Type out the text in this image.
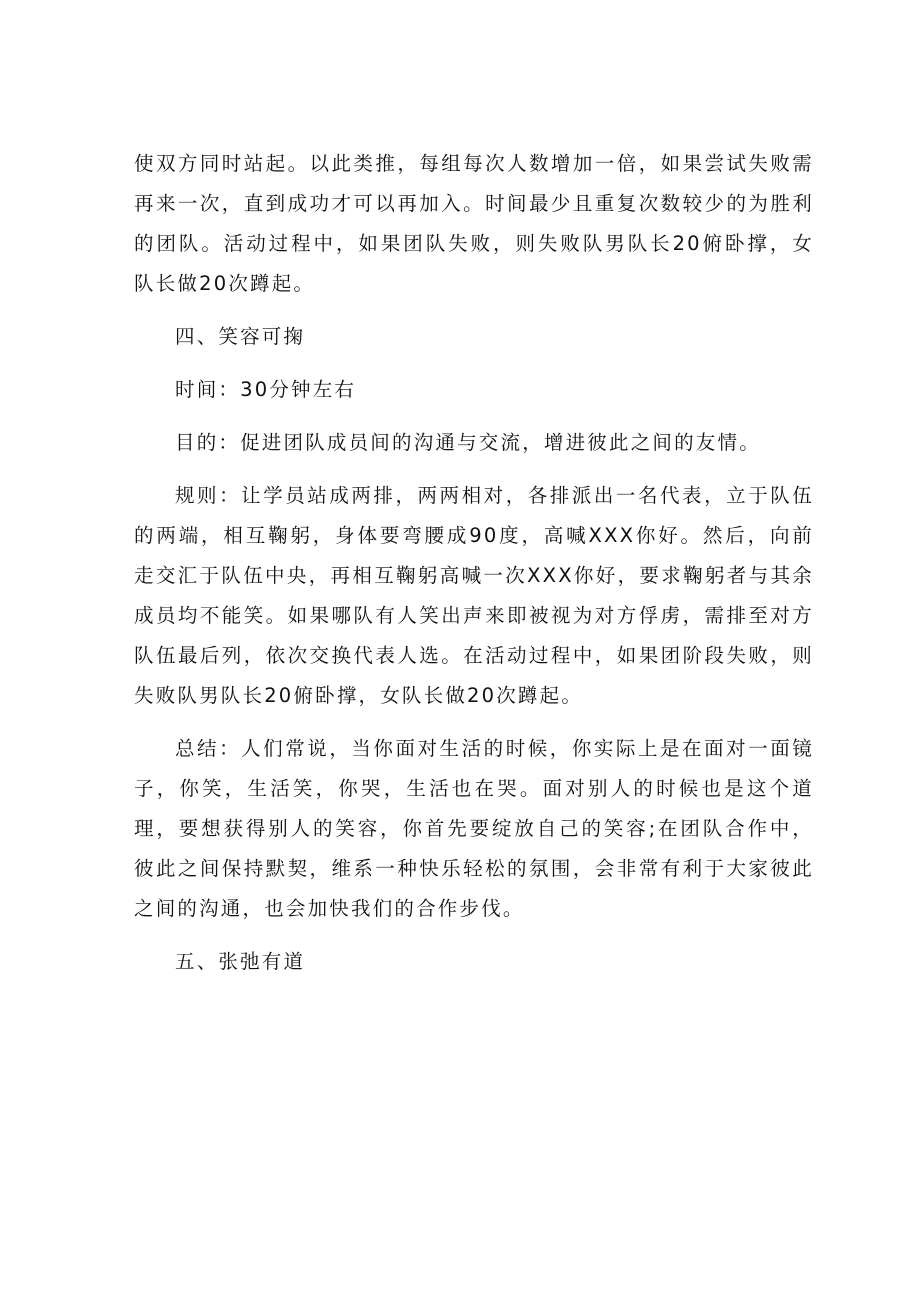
使双方同时站起。以此类推，每组每次人数增加一倍，如果尝试失败需再来一次，直到成功才可以再加入。时间最少且重复次数较少的为胜利的团队。活动过程中，如果团队失败，则失败队男队长20俯卧撑，女队长做20次蹲起。

四、笑容可掬

时间：30分钟左右

目的：促进团队成员间的沟通与交流，增进彼此之间的友情。

规则：让学员站成两排，两两相对，各排派出一名代表，立于队伍的两端，相互鞠躬，身体要弯腰成90度，高喊XXX你好。然后，向前走交汇于队伍中央，再相互鞠躬高喊一次XXX你好，要求鞠躬者与其余成员均不能笑。如果哪队有人笑出声来即被视为对方俘虏，需排至对方队伍最后列，依次交换代表人选。在活动过程中，如果团阶段失败，则失败队男队长20俯卧撑，女队长做20次蹲起。

总结：人们常说，当你面对生活的时候，你实际上是在面对一面镜子，你笑，生活笑，你哭，生活也在哭。面对别人的时候也是这个道理，要想获得别人的笑容，你首先要绽放自己的笑容;在团队合作中，彼此之间保持默契，维系一种快乐轻松的氛围，会非常有利于大家彼此之间的沟通，也会加快我们的合作步伐。

五、张弛有道
